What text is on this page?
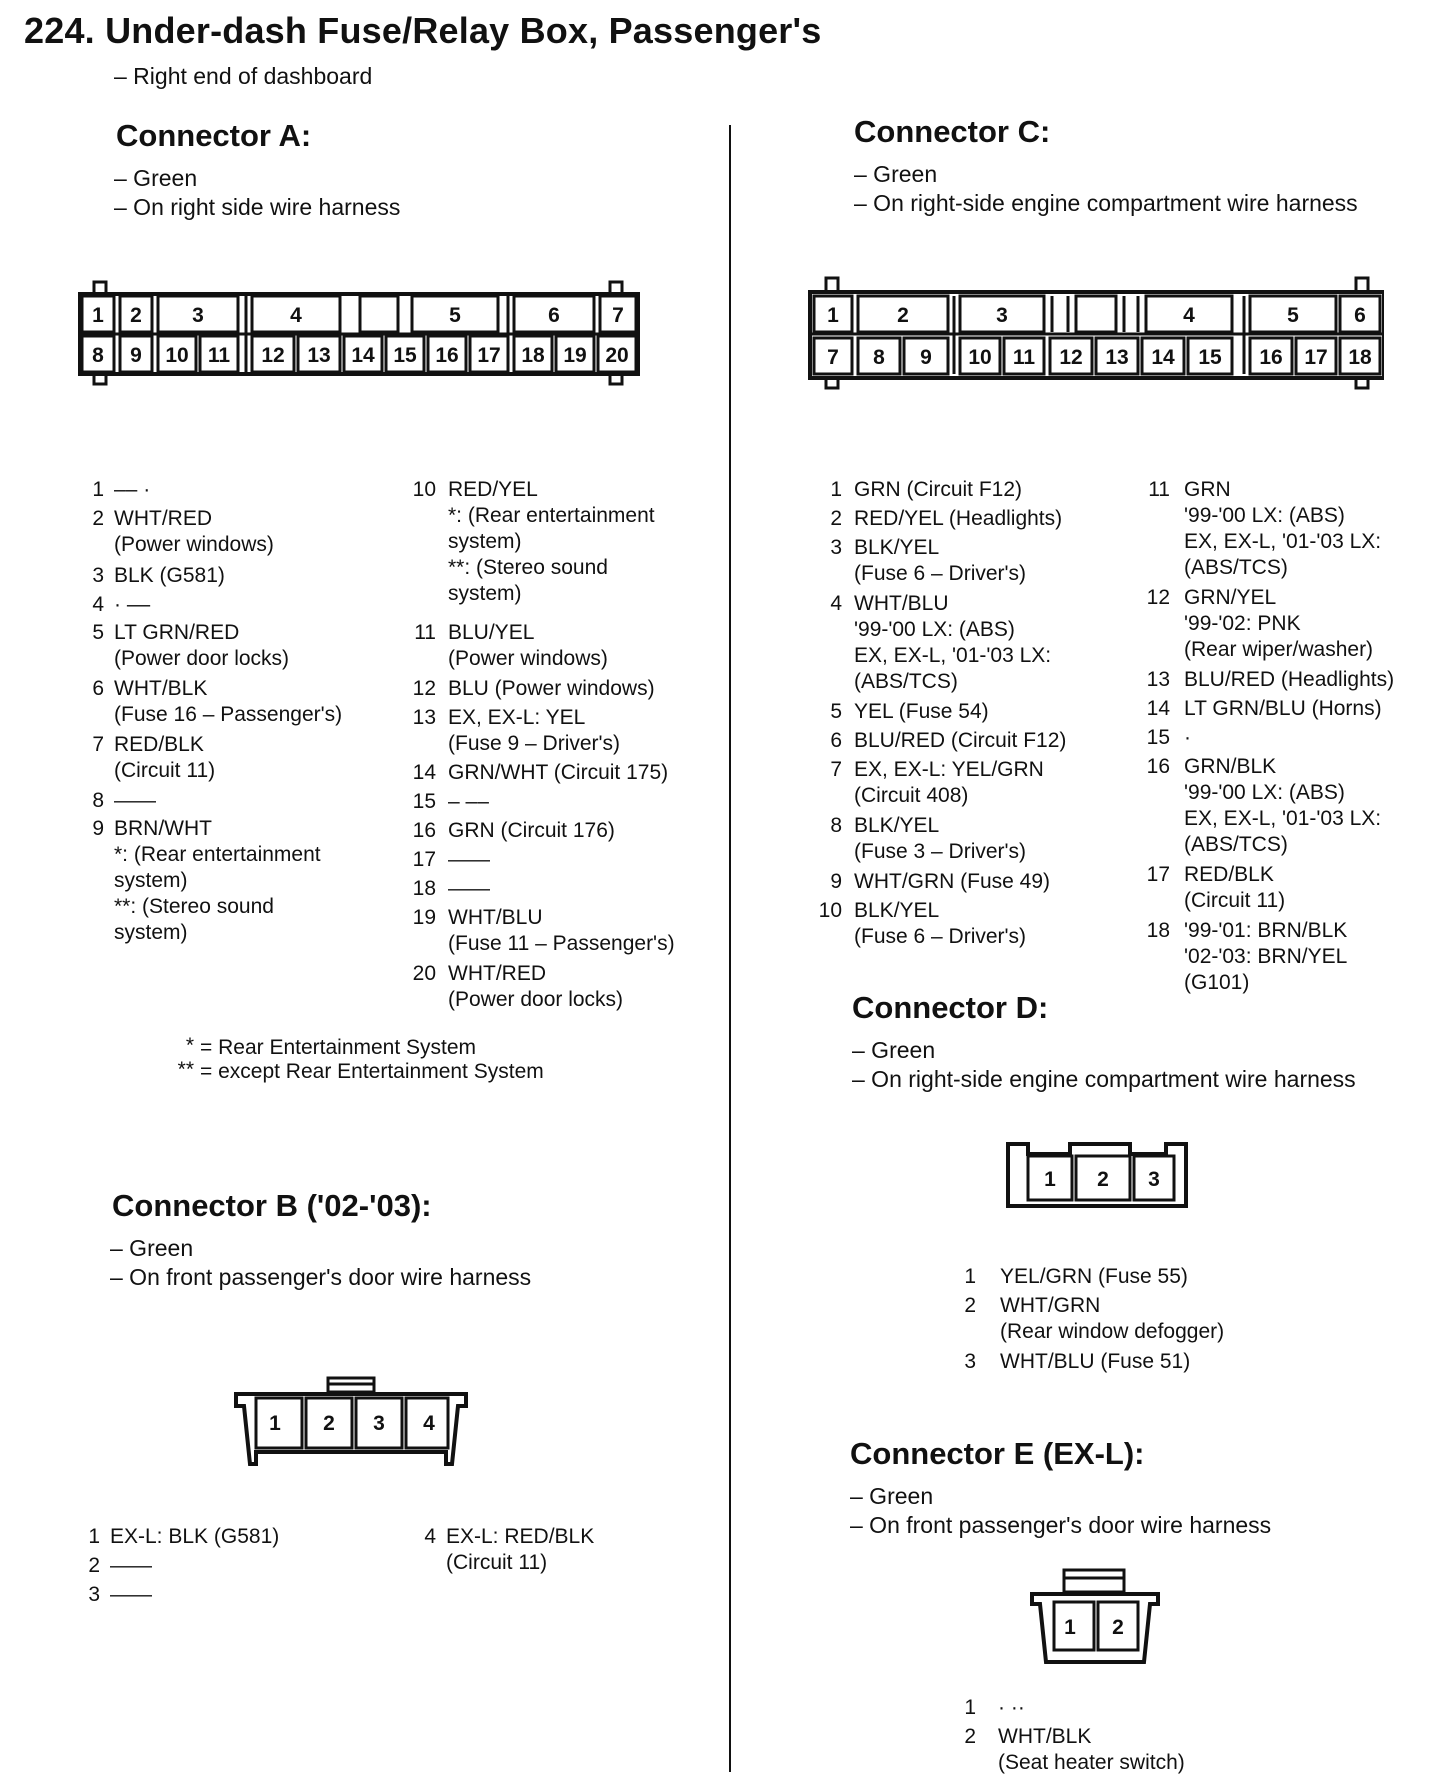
224. Under-dash Fuse/Relay Box, Passenger's
– Right end of dashboard
Connector A:
– Green
– On right side wire harness
1 2 3	4	5	6 7
8 9 10 11 12 13 14 15 16 17 18 19 20
1 –– ·
2 WHT/RED
(Power windows)
3 BLK (G581)
4 · ––
5 LT GRN/RED
(Power door locks)
6 WHT/BLK
(Fuse 16 – Passenger's)
7 RED/BLK
(Circuit 11)
8 ——
9 BRN/WHT
*: (Rear entertainment
system)
**: (Stereo sound
system)
10 RED/YEL
*: (Rear entertainment
system)
**: (Stereo sound
system)
11 BLU/YEL
(Power windows)
12 BLU (Power windows)
13 EX, EX-L: YEL
(Fuse 9 – Driver's)
14 GRN/WHT (Circuit 175)
15 – ––
16 GRN (Circuit 176)
17 ——
18 ——
19 WHT/BLU
(Fuse 11 – Passenger's)
20 WHT/RED
(Power door locks)
* = Rear Entertainment System
** = except Rear Entertainment System
Connector B ('02-'03):
– Green
– On front passenger's door wire harness
1 2 3 4
1 EX-L: BLK (G581)
2 ——
3 ——
4 EX-L: RED/BLK
(Circuit 11)
Connector C:
– Green
– On right-side engine compartment wire harness
1	2	3	4	5	6
7 8 9 10 11 12 13 14 15 16 17 18
1 GRN (Circuit F12)
2 RED/YEL (Headlights)
3 BLK/YEL
(Fuse 6 – Driver's)
4 WHT/BLU
'99-'00 LX: (ABS)
EX, EX-L, '01-'03 LX:
(ABS/TCS)
5 YEL (Fuse 54)
6 BLU/RED (Circuit F12)
7 EX, EX-L: YEL/GRN
(Circuit 408)
8 BLK/YEL
(Fuse 3 – Driver's)
9 WHT/GRN (Fuse 49)
10 BLK/YEL
(Fuse 6 – Driver's)
11 GRN
'99-'00 LX: (ABS)
EX, EX-L, '01-'03 LX:
(ABS/TCS)
12 GRN/YEL
'99-'02: PNK
(Rear wiper/washer)
13 BLU/RED (Headlights)
14 LT GRN/BLU (Horns)
15 ·
16 GRN/BLK
'99-'00 LX: (ABS)
EX, EX-L, '01-'03 LX:
(ABS/TCS)
17 RED/BLK
(Circuit 11)
18 '99-'01: BRN/BLK
'02-'03: BRN/YEL
(G101)
Connector D:
– Green
– On right-side engine compartment wire harness
1 2 3
1 YEL/GRN (Fuse 55)
2 WHT/GRN
(Rear window defogger)
3 WHT/BLU (Fuse 51)
Connector E (EX-L):
– Green
– On front passenger's door wire harness
1 2
1 · ··
2 WHT/BLK
(Seat heater switch)
